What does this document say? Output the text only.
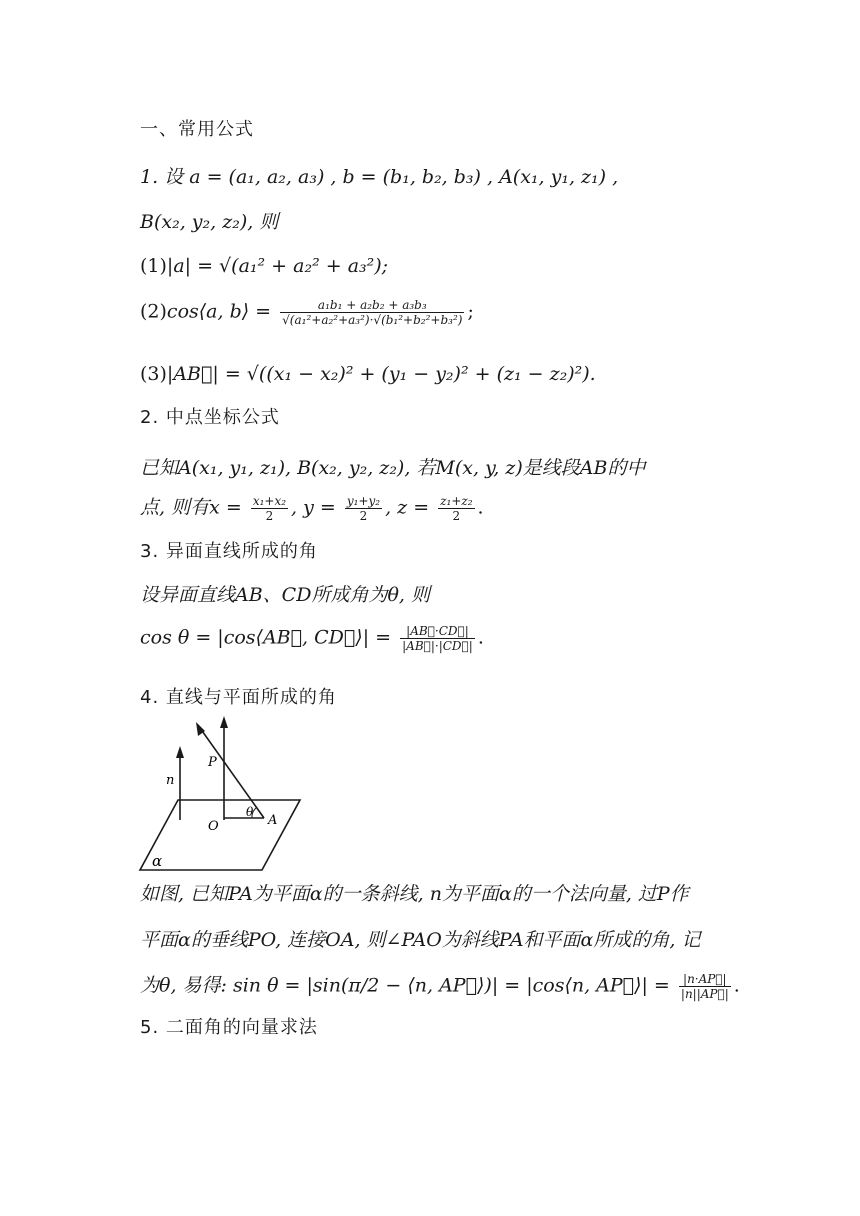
一、常用公式
1. 设 a = (a₁, a₂, a₃) , b = (b₁, b₂, b₃) , A(x₁, y₁, z₁) ,
B(x₂, y₂, z₂), 则
(1)|a| = √(a₁² + a₂² + a₃²);
(2)cos⟨a, b⟩ = $\frac{\text{a₁b₁ + a₂b₂ + a₃b₃}}{\text{√(a₁²+a₂²+a₃²)·√(b₁²+b₂²+b₃²)}}$ ;
(3)|AB⃗| = √((x₁ − x₂)² + (y₁ − y₂)² + (z₁ − z₂)²).
2. 中点坐标公式
已知A(x₁, y₁, z₁), B(x₂, y₂, z₂), 若M(x, y, z)是线段AB的中
点, 则有$x = \frac{\text{x₁+x₂}}{2}$ , $y = \frac{\text{y₁+y₂}}{2}$ , $z = \frac{\text{z₁+z₂}}{2}$ .
3. 异面直线所成的角
设异面直线AB、CD所成角为θ, 则
cos θ = |cos⟨AB⃗, CD⃗⟩| = $\frac{|AB⃗\cdot CD⃗|}{|AB⃗|\cdot|CD⃗|}$ .
4. 直线与平面所成的角
n
P
O	A
θ
α
如图, 已知PA为平面α的一条斜线, n为平面α的一个法向量, 过P作
平面α的垂线PO, 连接OA, 则∠PAO为斜线PA和平面α所成的角, 记
为θ, 易得: sin θ = |sin(π/2 − ⟨n, AP⃗⟩)| = |cos⟨n, AP⃗⟩| = $\frac{|n\cdot AP⃗|}{|n||AP⃗|}$ .
5. 二面角的向量求法
